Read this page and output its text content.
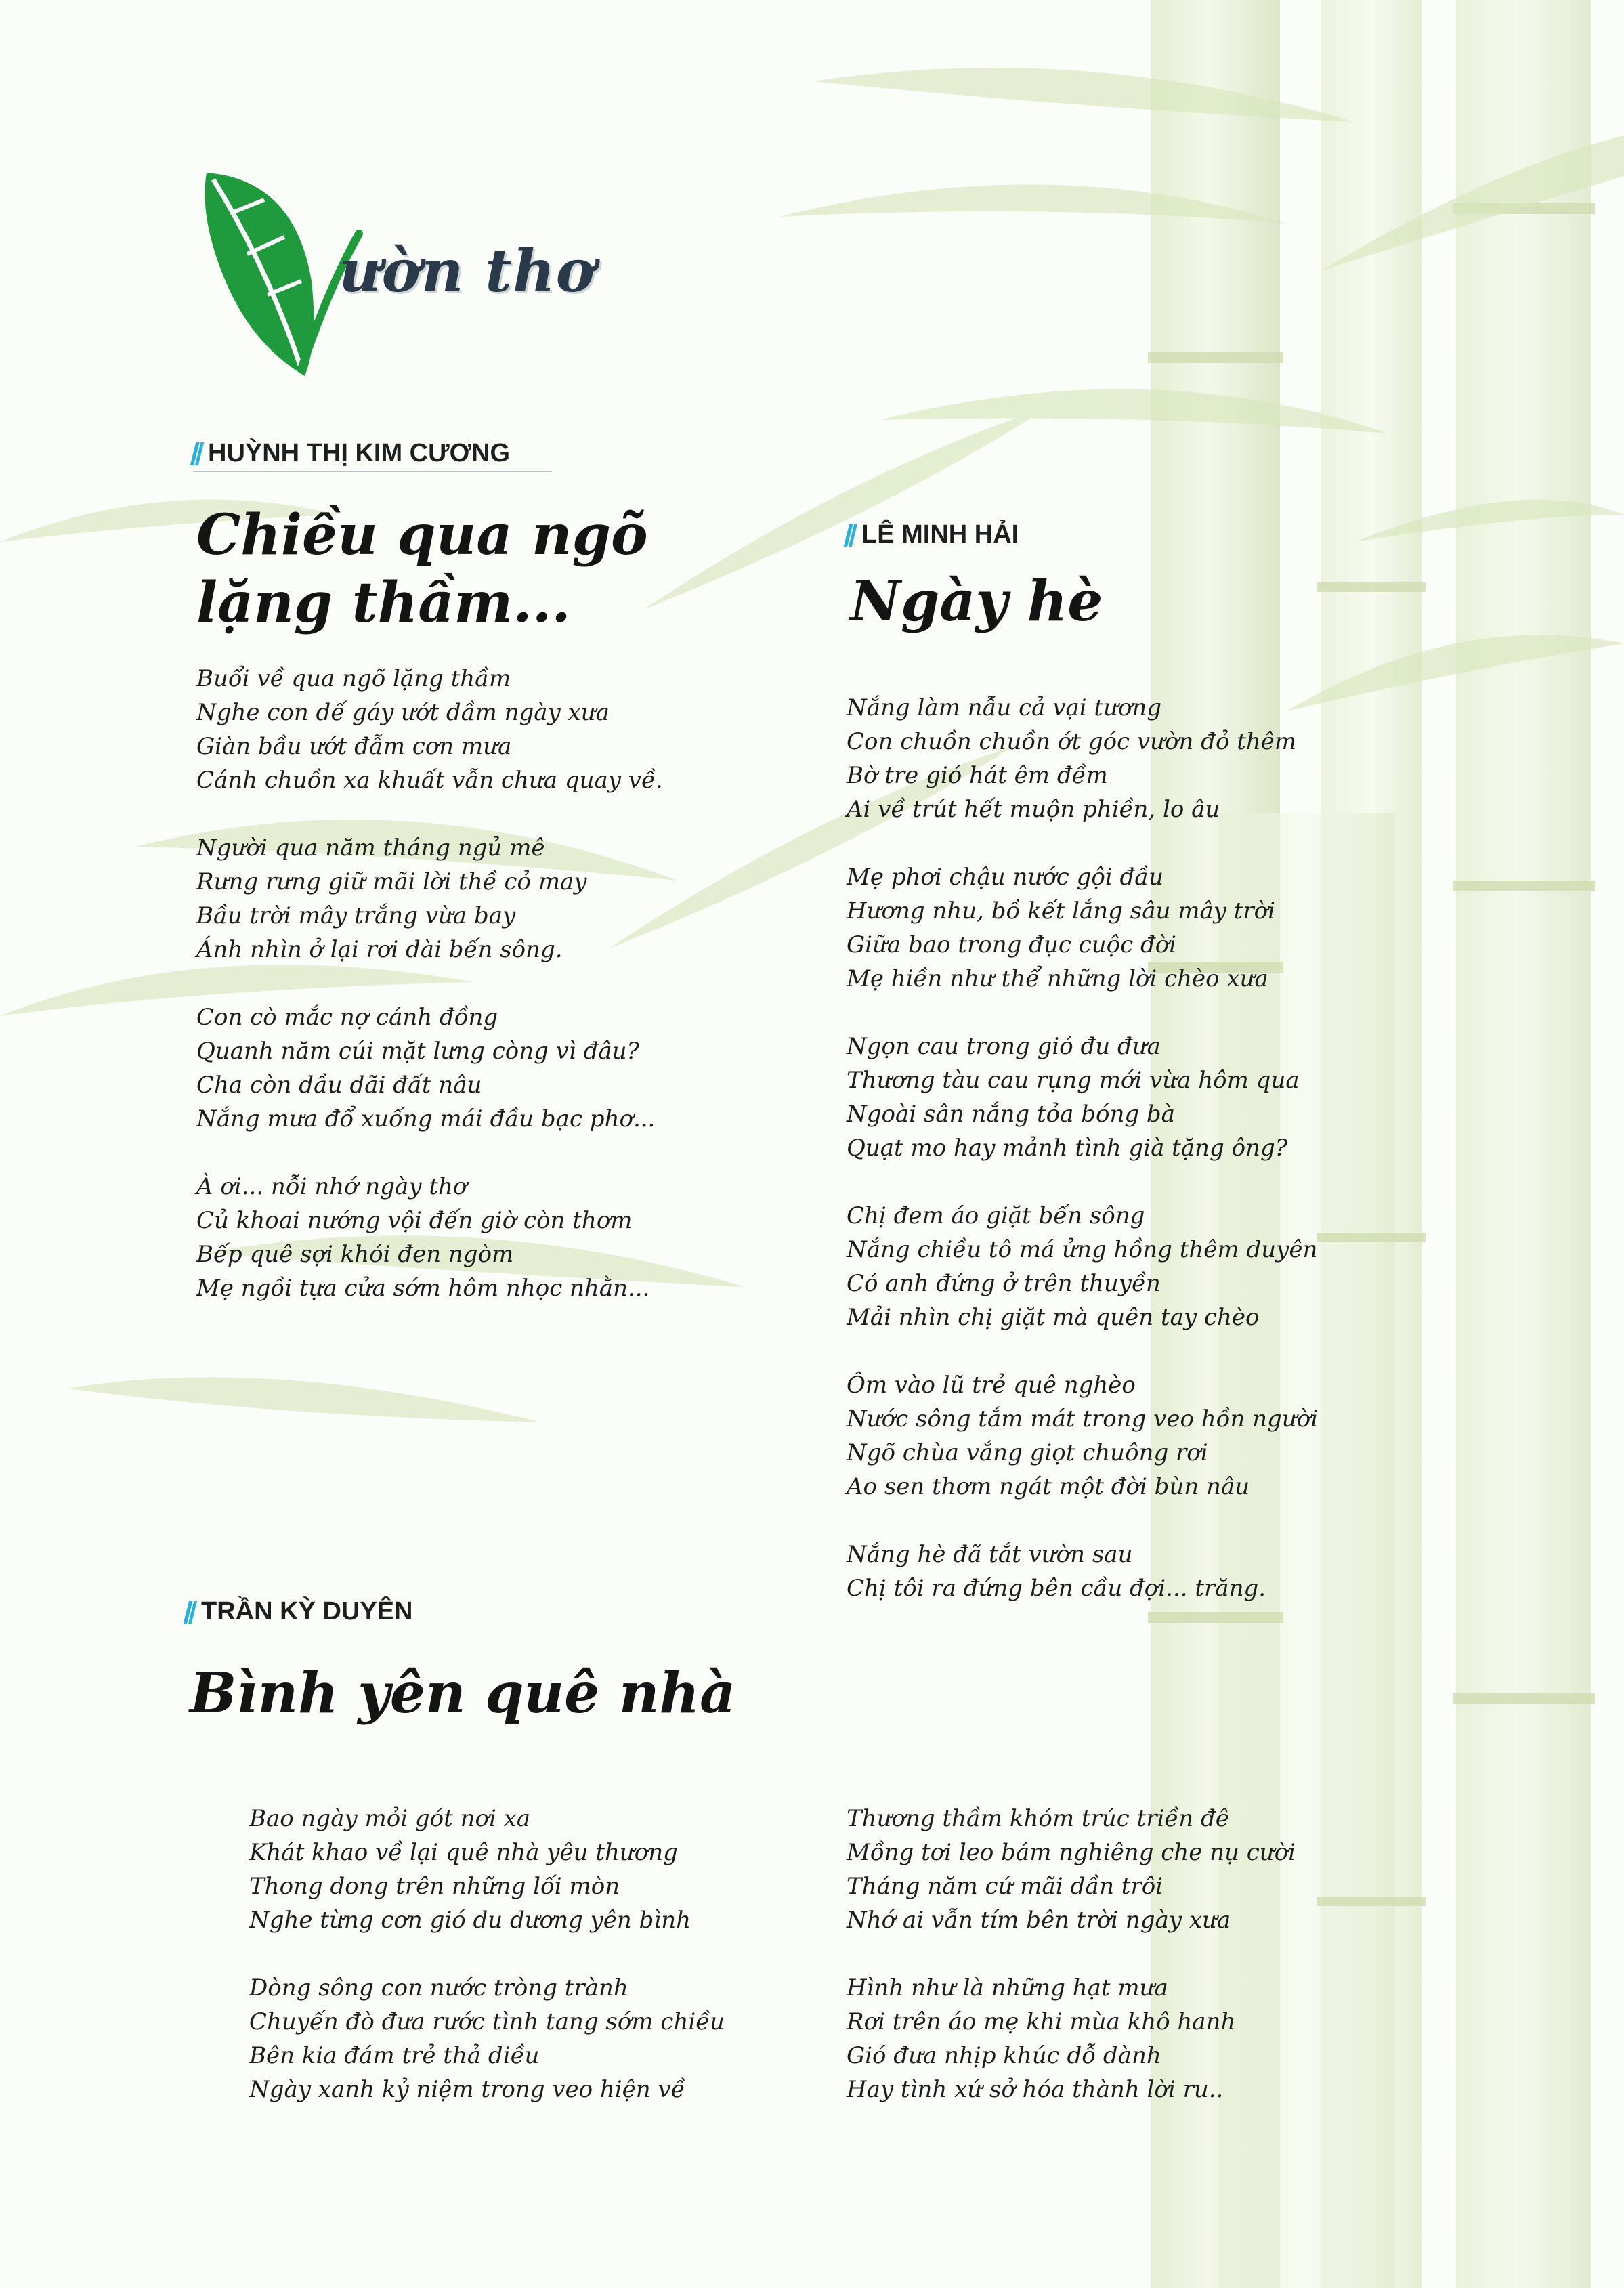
ườn thơ
HUỲNH THỊ KIM CƯƠNG
Chiều qua ngõ
lặng thầm...
Buổi về qua ngõ lặng thầm
Nghe con dế gáy ướt dầm ngày xưa
Giàn bầu ướt đẫm cơn mưa
Cánh chuồn xa khuất vẫn chưa quay về.
Người qua năm tháng ngủ mê
Rưng rưng giữ mãi lời thề cỏ may
Bầu trời mây trắng vừa bay
Ánh nhìn ở lại rơi dài bến sông.
Con cò mắc nợ cánh đồng
Quanh năm cúi mặt lưng còng vì đâu?
Cha còn dầu dãi đất nâu
Nắng mưa đổ xuống mái đầu bạc phơ...
À ơi... nỗi nhớ ngày thơ
Củ khoai nướng vội đến giờ còn thơm
Bếp quê sợi khói đen ngòm
Mẹ ngồi tựa cửa sớm hôm nhọc nhằn...
LÊ MINH HẢI
Ngày hè
Nắng làm nẫu cả vại tương
Con chuồn chuồn ớt góc vườn đỏ thêm
Bờ tre gió hát êm đềm
Ai về trút hết muộn phiền, lo âu
Mẹ phơi chậu nước gội đầu
Hương nhu, bồ kết lắng sâu mây trời
Giữa bao trong đục cuộc đời
Mẹ hiền như thể những lời chèo xưa
Ngọn cau trong gió đu đưa
Thương tàu cau rụng mới vừa hôm qua
Ngoài sân nắng tỏa bóng bà
Quạt mo hay mảnh tình già tặng ông?
Chị đem áo giặt bến sông
Nắng chiều tô má ửng hồng thêm duyên
Có anh đứng ở trên thuyền
Mải nhìn chị giặt mà quên tay chèo
Ôm vào lũ trẻ quê nghèo
Nước sông tắm mát trong veo hồn người
Ngõ chùa vắng giọt chuông rơi
Ao sen thơm ngát một đời bùn nâu
Nắng hè đã tắt vườn sau
Chị tôi ra đứng bên cầu đợi... trăng.
TRẦN KỲ DUYÊN
Bình yên quê nhà
Bao ngày mỏi gót nơi xa
Khát khao về lại quê nhà yêu thương
Thong dong trên những lối mòn
Nghe từng cơn gió du dương yên bình
Dòng sông con nước tròng trành
Chuyến đò đưa rước tình tang sớm chiều
Bên kia đám trẻ thả diều
Ngày xanh kỷ niệm trong veo hiện về
Thương thầm khóm trúc triền đê
Mồng tơi leo bám nghiêng che nụ cười
Tháng năm cứ mãi dần trôi
Nhớ ai vẫn tím bên trời ngày xưa
Hình như là những hạt mưa
Rơi trên áo mẹ khi mùa khô hanh
Gió đưa nhịp khúc dỗ dành
Hay tình xứ sở hóa thành lời ru..
